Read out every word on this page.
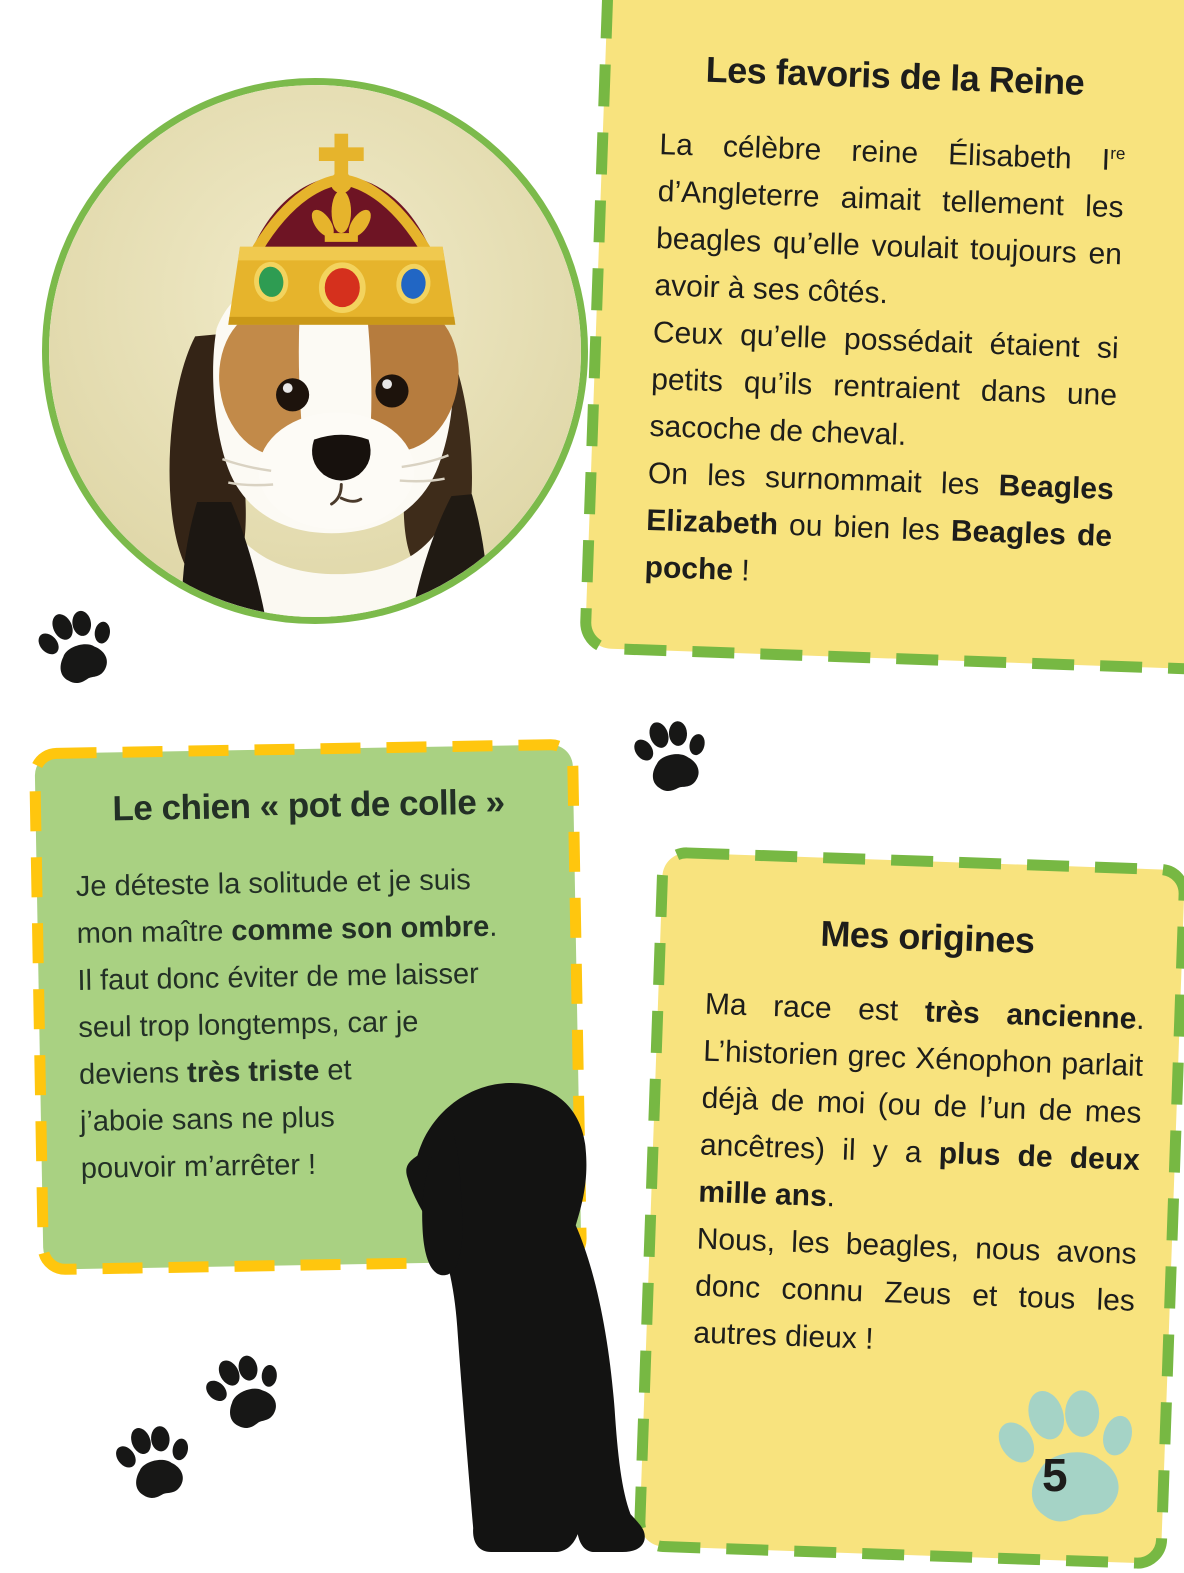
Les favoris de la Reine

La célèbre reine Élisabeth Ire d’Angleterre aimait tellement les beagles qu’elle voulait toujours en avoir à ses côtés.

Ceux qu’elle possédait étaient si petits qu’ils rentraient dans une sacoche de cheval.

On les surnommait les Beagles Elizabeth ou bien les Beagles de poche !

Le chien « pot de colle »

Je déteste la solitude et je suis

mon maître comme son ombre.

Il faut donc éviter de me laisser

seul trop longtemps, car je

deviens très triste et

j’aboie sans ne plus

pouvoir m’arrêter !

Mes origines

Ma race est très ancienne. L’historien grec Xénophon parlait déjà de moi (ou de l’un de mes ancêtres) il y a plus de deux mille ans.

Nous, les beagles, nous avons donc connu Zeus et tous les autres dieux !

5
